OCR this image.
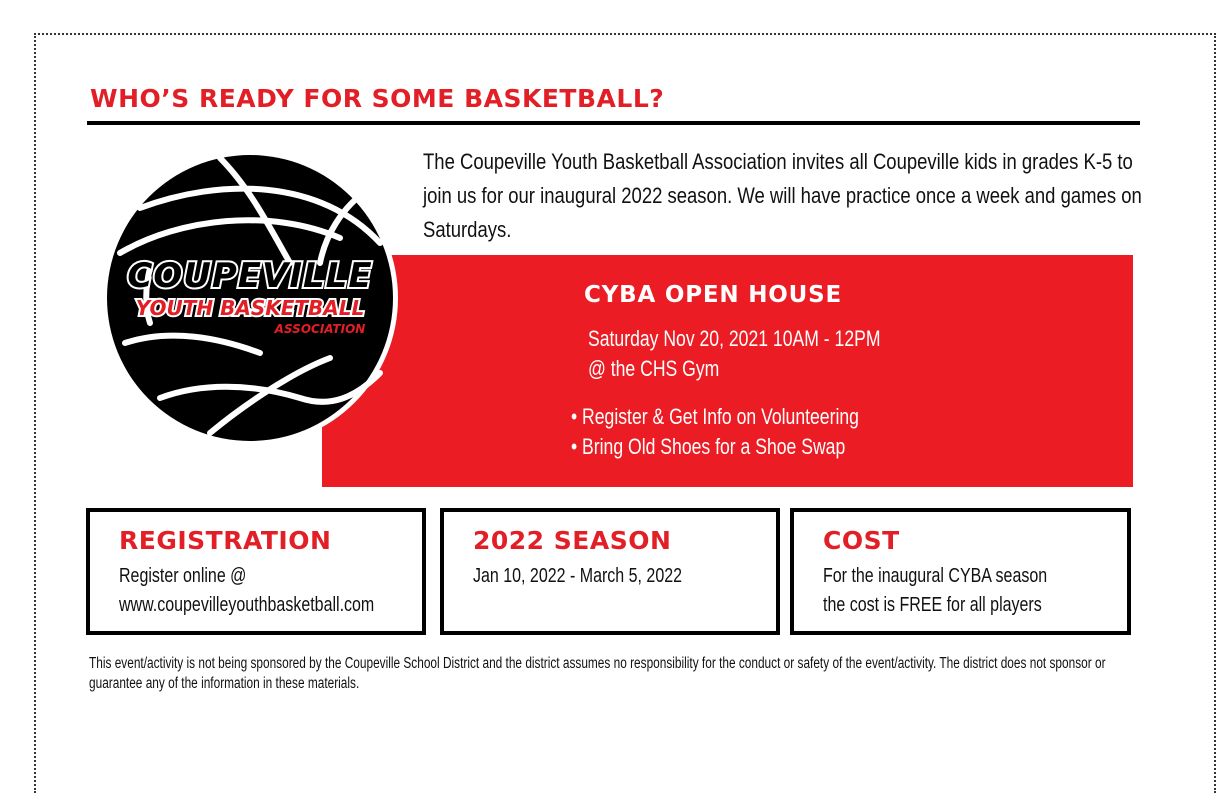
WHO’S READY FOR SOME BASKETBALL?
The Coupeville Youth Basketball Association invites all Coupeville kids in grades K-5 to join us for our inaugural 2022 season. We will have practice once a week and games on Saturdays.
COUPEVILLE
YOUTH BASKETBALL
ASSOCIATION
CYBA OPEN HOUSE
Saturday Nov 20, 2021 10AM - 12PM
@ the CHS Gym
• Register & Get Info on Volunteering
• Bring Old Shoes for a Shoe Swap
REGISTRATION
Register online @
www.coupevilleyouthbasketball.com
2022 SEASON
Jan 10, 2022 - March 5, 2022
COST
For the inaugural CYBA season
the cost is FREE for all players
This event/activity is not being sponsored by the Coupeville School District and the district assumes no responsibility for the conduct or safety of the event/activity. The district does not sponsor or guarantee any of the information in these materials.
